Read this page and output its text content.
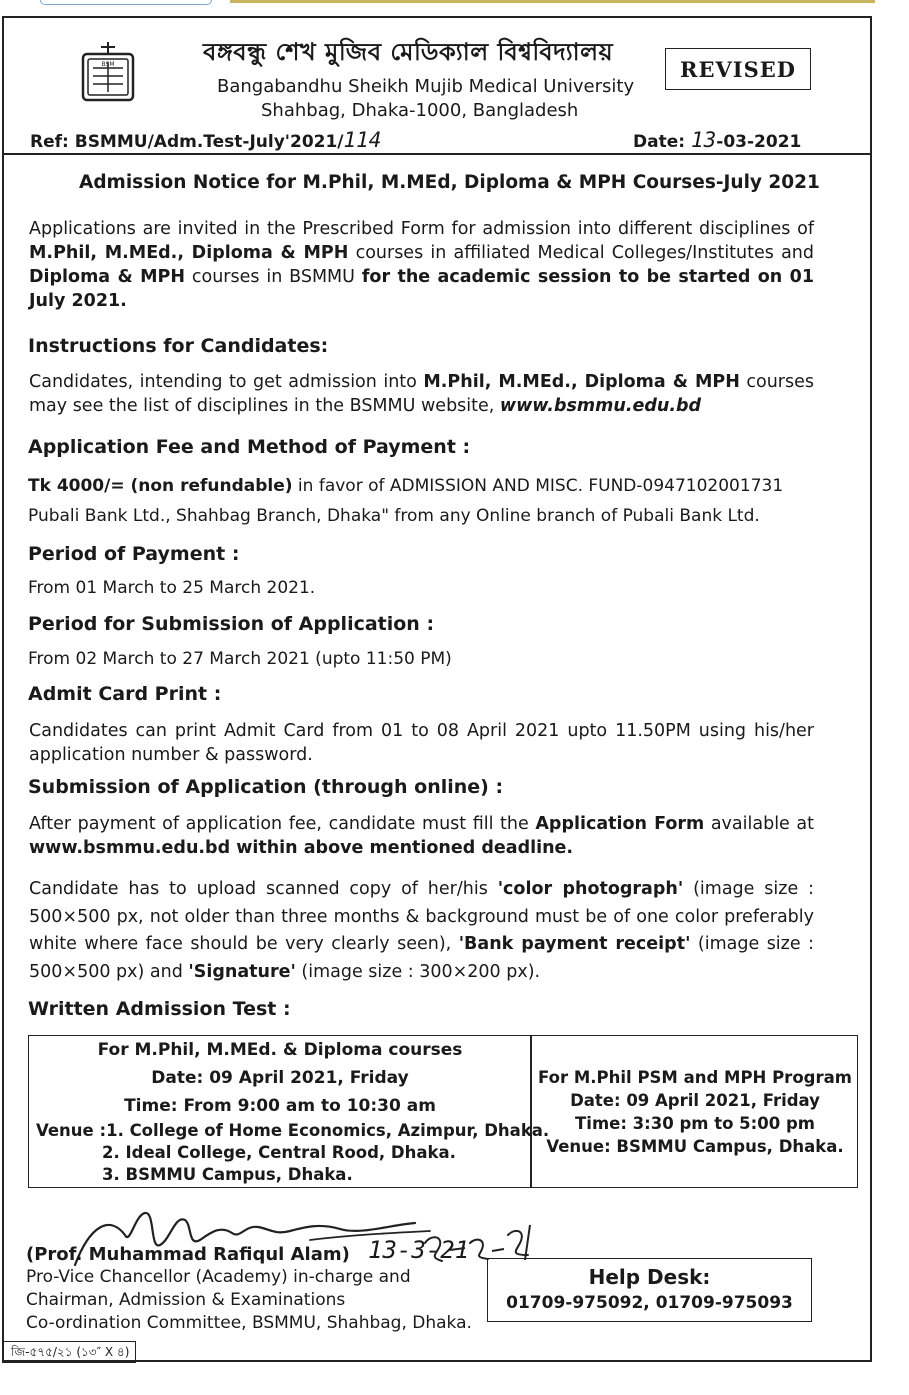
BSM	বঙ্গবন্ধু শেখ মুজিব মেডিক্যাল বিশ্ববিদ্যালয়
Bangabandhu Sheikh Mujib Medical University
Shahbag, Dhaka-1000, Bangladesh
REVISED
Ref: BSMMU/Adm.Test-July'2021/114	Date: 13-03-2021
Admission Notice for M.Phil, M.MEd, Diploma & MPH Courses-July 2021
Applications are invited in the Prescribed Form for admission into different disciplines of M.Phil, M.MEd., Diploma & MPH courses in affiliated Medical Colleges/Institutes and Diploma & MPH courses in BSMMU for the academic session to be started on 01 July 2021.
Instructions for Candidates:
Candidates, intending to get admission into M.Phil, M.MEd., Diploma & MPH courses may see the list of disciplines in the BSMMU website, www.bsmmu.edu.bd
Application Fee and Method of Payment :
Tk 4000/= (non refundable) in favor of ADMISSION AND MISC. FUND-0947102001731
Pubali Bank Ltd., Shahbag Branch, Dhaka" from any Online branch of Pubali Bank Ltd.
Period of Payment :
From 01 March to 25 March 2021.
Period for Submission of Application :
From 02 March to 27 March 2021 (upto 11:50 PM)
Admit Card Print :
Candidates can print Admit Card from 01 to 08 April 2021 upto 11.50PM using his/her application number & password.
Submission of Application (through online) :
After payment of application fee, candidate must fill the Application Form available at www.bsmmu.edu.bd within above mentioned deadline.
Candidate has to upload scanned copy of her/his 'color photograph' (image size : 500×500 px, not older than three months & background must be of one color preferably white where face should be very clearly seen), 'Bank payment receipt' (image size : 500×500 px) and 'Signature' (image size : 300×200 px).
Written Admission Test :
For M.Phil, M.MEd. & Diploma courses
Date: 09 April 2021, Friday
Time: From 9:00 am to 10:30 am
Venue :1. College of Home Economics, Azimpur, Dhaka.
2. Ideal College, Central Rood, Dhaka.
3. BSMMU Campus, Dhaka.
For M.Phil PSM and MPH Program
Date: 09 April 2021, Friday
Time: 3:30 pm to 5:00 pm
Venue: BSMMU Campus, Dhaka.
(Prof. Muhammad Rafiqul Alam)
Pro-Vice Chancellor (Academy) in-charge and
Chairman, Admission & Examinations
Co-ordination Committee, BSMMU, Shahbag, Dhaka.
13-3-21
Help Desk:
01709-975092, 01709-975093
জি-৫৭৫/২১ (১৩″ X ৪)
